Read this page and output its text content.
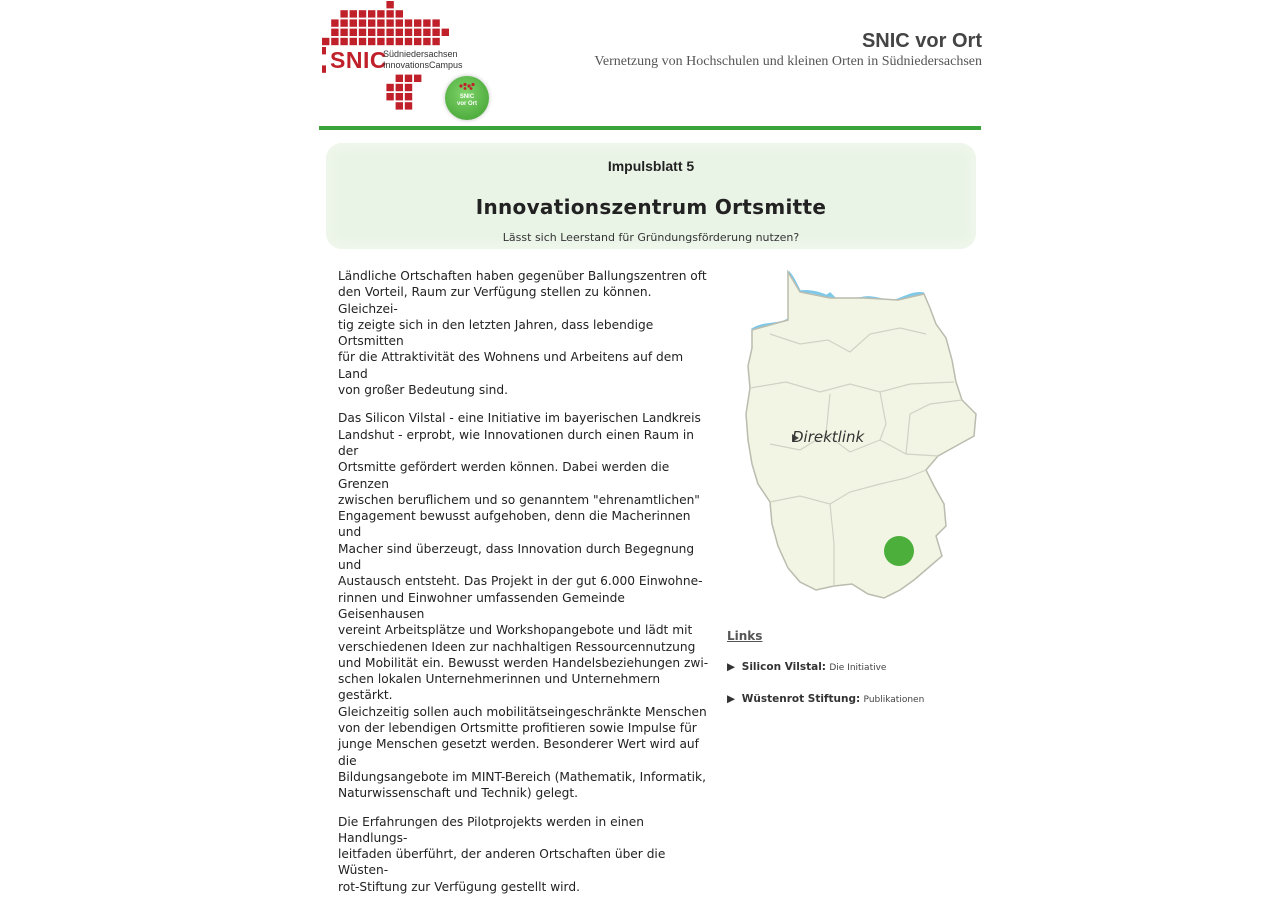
SNIC
Südniedersachsen
InnovationsCampus
SNIC
vor Ort
SNIC vor Ort
Vernetzung von Hochschulen und kleinen Orten in Südniedersachsen
Impulsblatt 5
Innovationszentrum Ortsmitte
Lässt sich Leerstand für Gründungsförderung nutzen?

Ländliche Ortschaften haben gegenüber Ballungszentren oft
den Vorteil, Raum zur Verfügung stellen zu können. Gleichzei-
tig zeigte sich in den letzten Jahren, dass lebendige Ortsmitten
für die Attraktivität des Wohnens und Arbeitens auf dem Land
von großer Bedeutung sind.

Das Silicon Vilstal - eine Initiative im bayerischen Landkreis
Landshut - erprobt, wie Innovationen durch einen Raum in der
Ortsmitte gefördert werden können. Dabei werden die Grenzen
zwischen beruflichem und so genanntem "ehrenamtlichen"
Engagement bewusst aufgehoben, denn die Macherinnen und
Macher sind überzeugt, dass Innovation durch Begegnung und
Austausch entsteht. Das Projekt in der gut 6.000 Einwohne-
rinnen und Einwohner umfassenden Gemeinde Geisenhausen
vereint Arbeitsplätze und Workshopangebote und lädt mit
verschiedenen Ideen zur nachhaltigen Ressourcennutzung
und Mobilität ein. Bewusst werden Handelsbeziehungen zwi-
schen lokalen Unternehmerinnen und Unternehmern gestärkt.
Gleichzeitig sollen auch mobilitätseingeschränkte Menschen
von der lebendigen Ortsmitte profitieren sowie Impulse für
junge Menschen gesetzt werden. Besonderer Wert wird auf die
Bildungsangebote im MINT-Bereich (Mathematik, Informatik,
Naturwissenschaft und Technik) gelegt.

Die Erfahrungen des Pilotprojekts werden in einen Handlungs-
leitfaden überführt, der anderen Ortschaften über die Wüsten-
rot-Stiftung zur Verfügung gestellt wird.

Direktlink
Links
▶  Silicon Vilstal: Die Initiative
▶  Wüstenrot Stiftung: Publikationen
